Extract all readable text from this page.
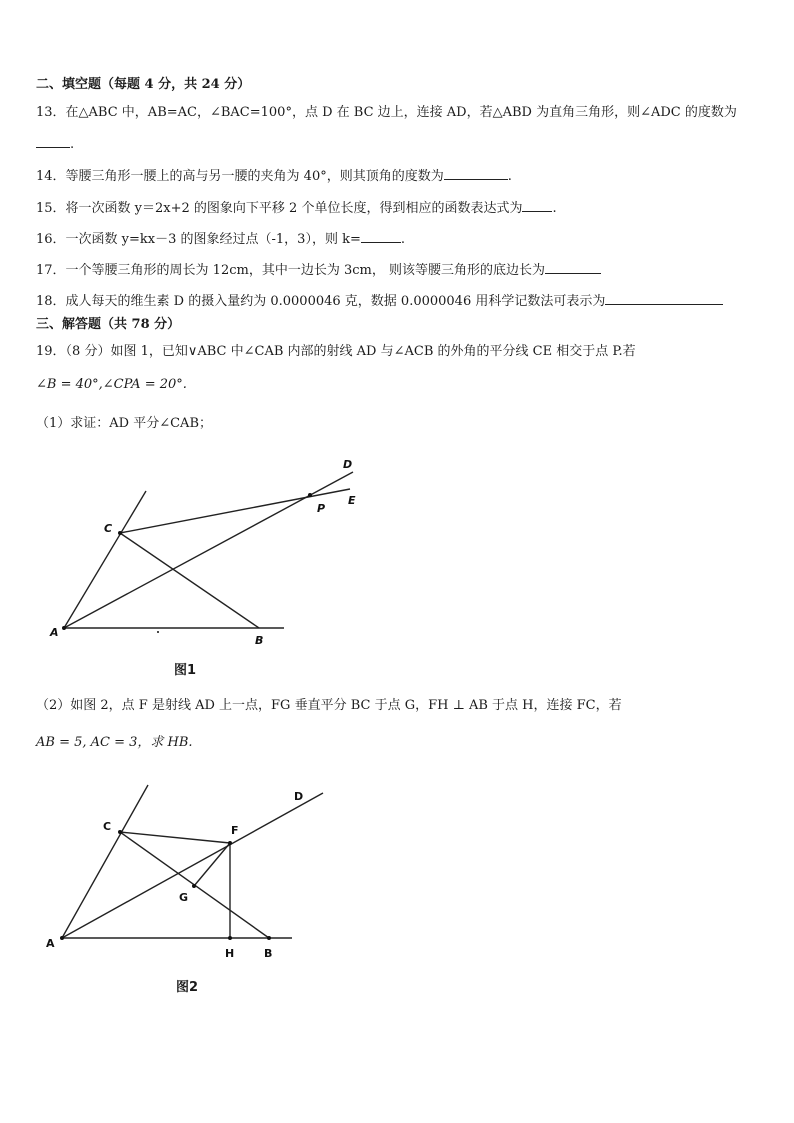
二、填空题（每题 4 分，共 24 分）
13．在△ABC 中，AB=AC，∠BAC=100°，点 D 在 BC 边上，连接 AD，若△ABD 为直角三角形，则∠ADC 的度数为
.
14．等腰三角形一腰上的高与另一腰的夹角为 40°，则其顶角的度数为	.
15．将一次函数 y＝2x+2 的图象向下平移 2 个单位长度，得到相应的函数表达式为 .
16．一次函数 y=kx－3 的图象经过点（-1，3），则 k=	.
17．一个等腰三角形的周长为 12cm，其中一边长为 3cm， 则该等腰三角形的底边长为
18．成人每天的维生素 D 的摄入量约为 0.0000046 克，数据 0.0000046 用科学记数法可表示为
三、解答题（共 78 分）
19．（8 分）如图 1，已知∨ABC 中∠CAB 内部的射线 AD 与∠ACB 的外角的平分线 CE 相交于点 P.若
∠B = 40°,∠CPA = 20°.
（1）求证：AD 平分∠CAB；
A
B
C
D
E
P
图1
（2）如图 2，点 F 是射线 AD 上一点，FG 垂直平分 BC 于点 G，FH ⊥ AB 于点 H，连接 FC，若
AB = 5, AC = 3，求 HB.
A
B
C
D
F
G
H
图2
